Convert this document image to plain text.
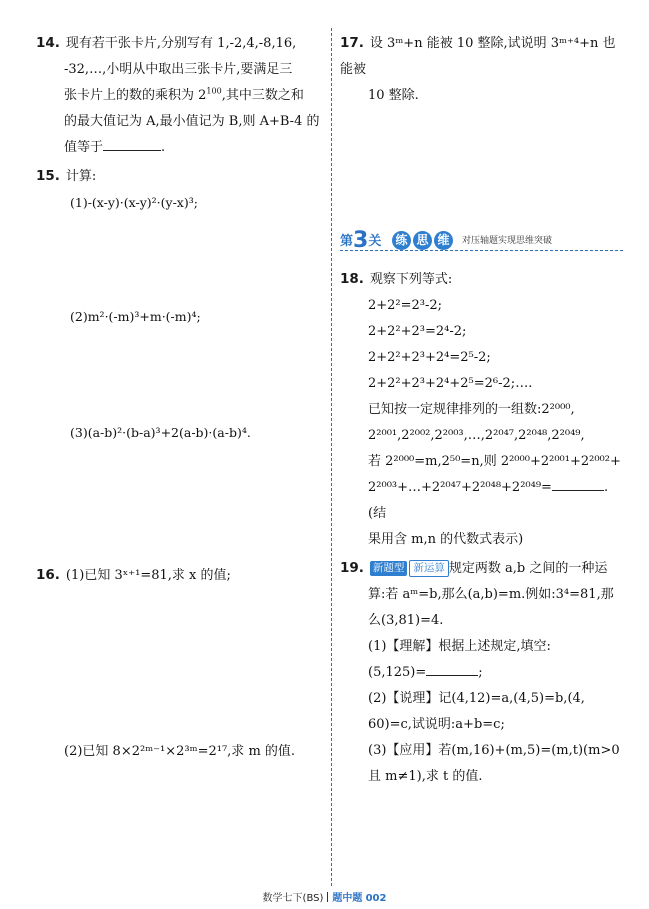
14. 现有若干张卡片,分别写有 1,-2,4,-8,16,
-32,…,小明从中取出三张卡片,要满足三
张卡片上的数的乘积为 $2^{100}$,其中三数之和
的最大值记为 A,最小值记为 B,则 A+B-4 的
值等于	.
15. 计算:
(1)-(x-y)·(x-y)²·(y-x)³;
(2)m²·(-m)³+m·(-m)⁴;
(3)(a-b)²·(b-a)³+2(a-b)·(a-b)⁴.
16. (1)已知 3ˣ⁺¹=81,求 x 的值;
(2)已知 8×2²ᵐ⁻¹×2³ᵐ=2¹⁷,求 m 的值.
17. 设 3ᵐ+n 能被 10 整除,试说明 3ᵐ⁺⁴+n 也能被
10 整除.
第3关 练 思 维	对压轴题实现思维突破
18. 观察下列等式:
2+2²=2³-2;
2+2²+2³=2⁴-2;
2+2²+2³+2⁴=2⁵-2;
2+2²+2³+2⁴+2⁵=2⁶-2;….
已知按一定规律排列的一组数:2²⁰⁰⁰,
2²⁰⁰¹,2²⁰⁰²,2²⁰⁰³,…,2²⁰⁴⁷,2²⁰⁴⁸,2²⁰⁴⁹,
若 2²⁰⁰⁰=m,2⁵⁰=n,则 2²⁰⁰⁰+2²⁰⁰¹+2²⁰⁰²+
2²⁰⁰³+…+2²⁰⁴⁷+2²⁰⁴⁸+2²⁰⁴⁹=	.(结
果用含 m,n 的代数式表示)
19. 新题型 新运算 规定两数 a,b 之间的一种运
算:若 aᵐ=b,那么(a,b)=m.例如:3⁴=81,那
么(3,81)=4.
(1)【理解】根据上述规定,填空:
(5,125)=	;
(2)【说理】记(4,12)=a,(4,5)=b,(4,
60)=c,试说明:a+b=c;
(3)【应用】若(m,16)+(m,5)=(m,t)(m>0
且 m≠1),求 t 的值.
数学七下(BS) 题中题 002
